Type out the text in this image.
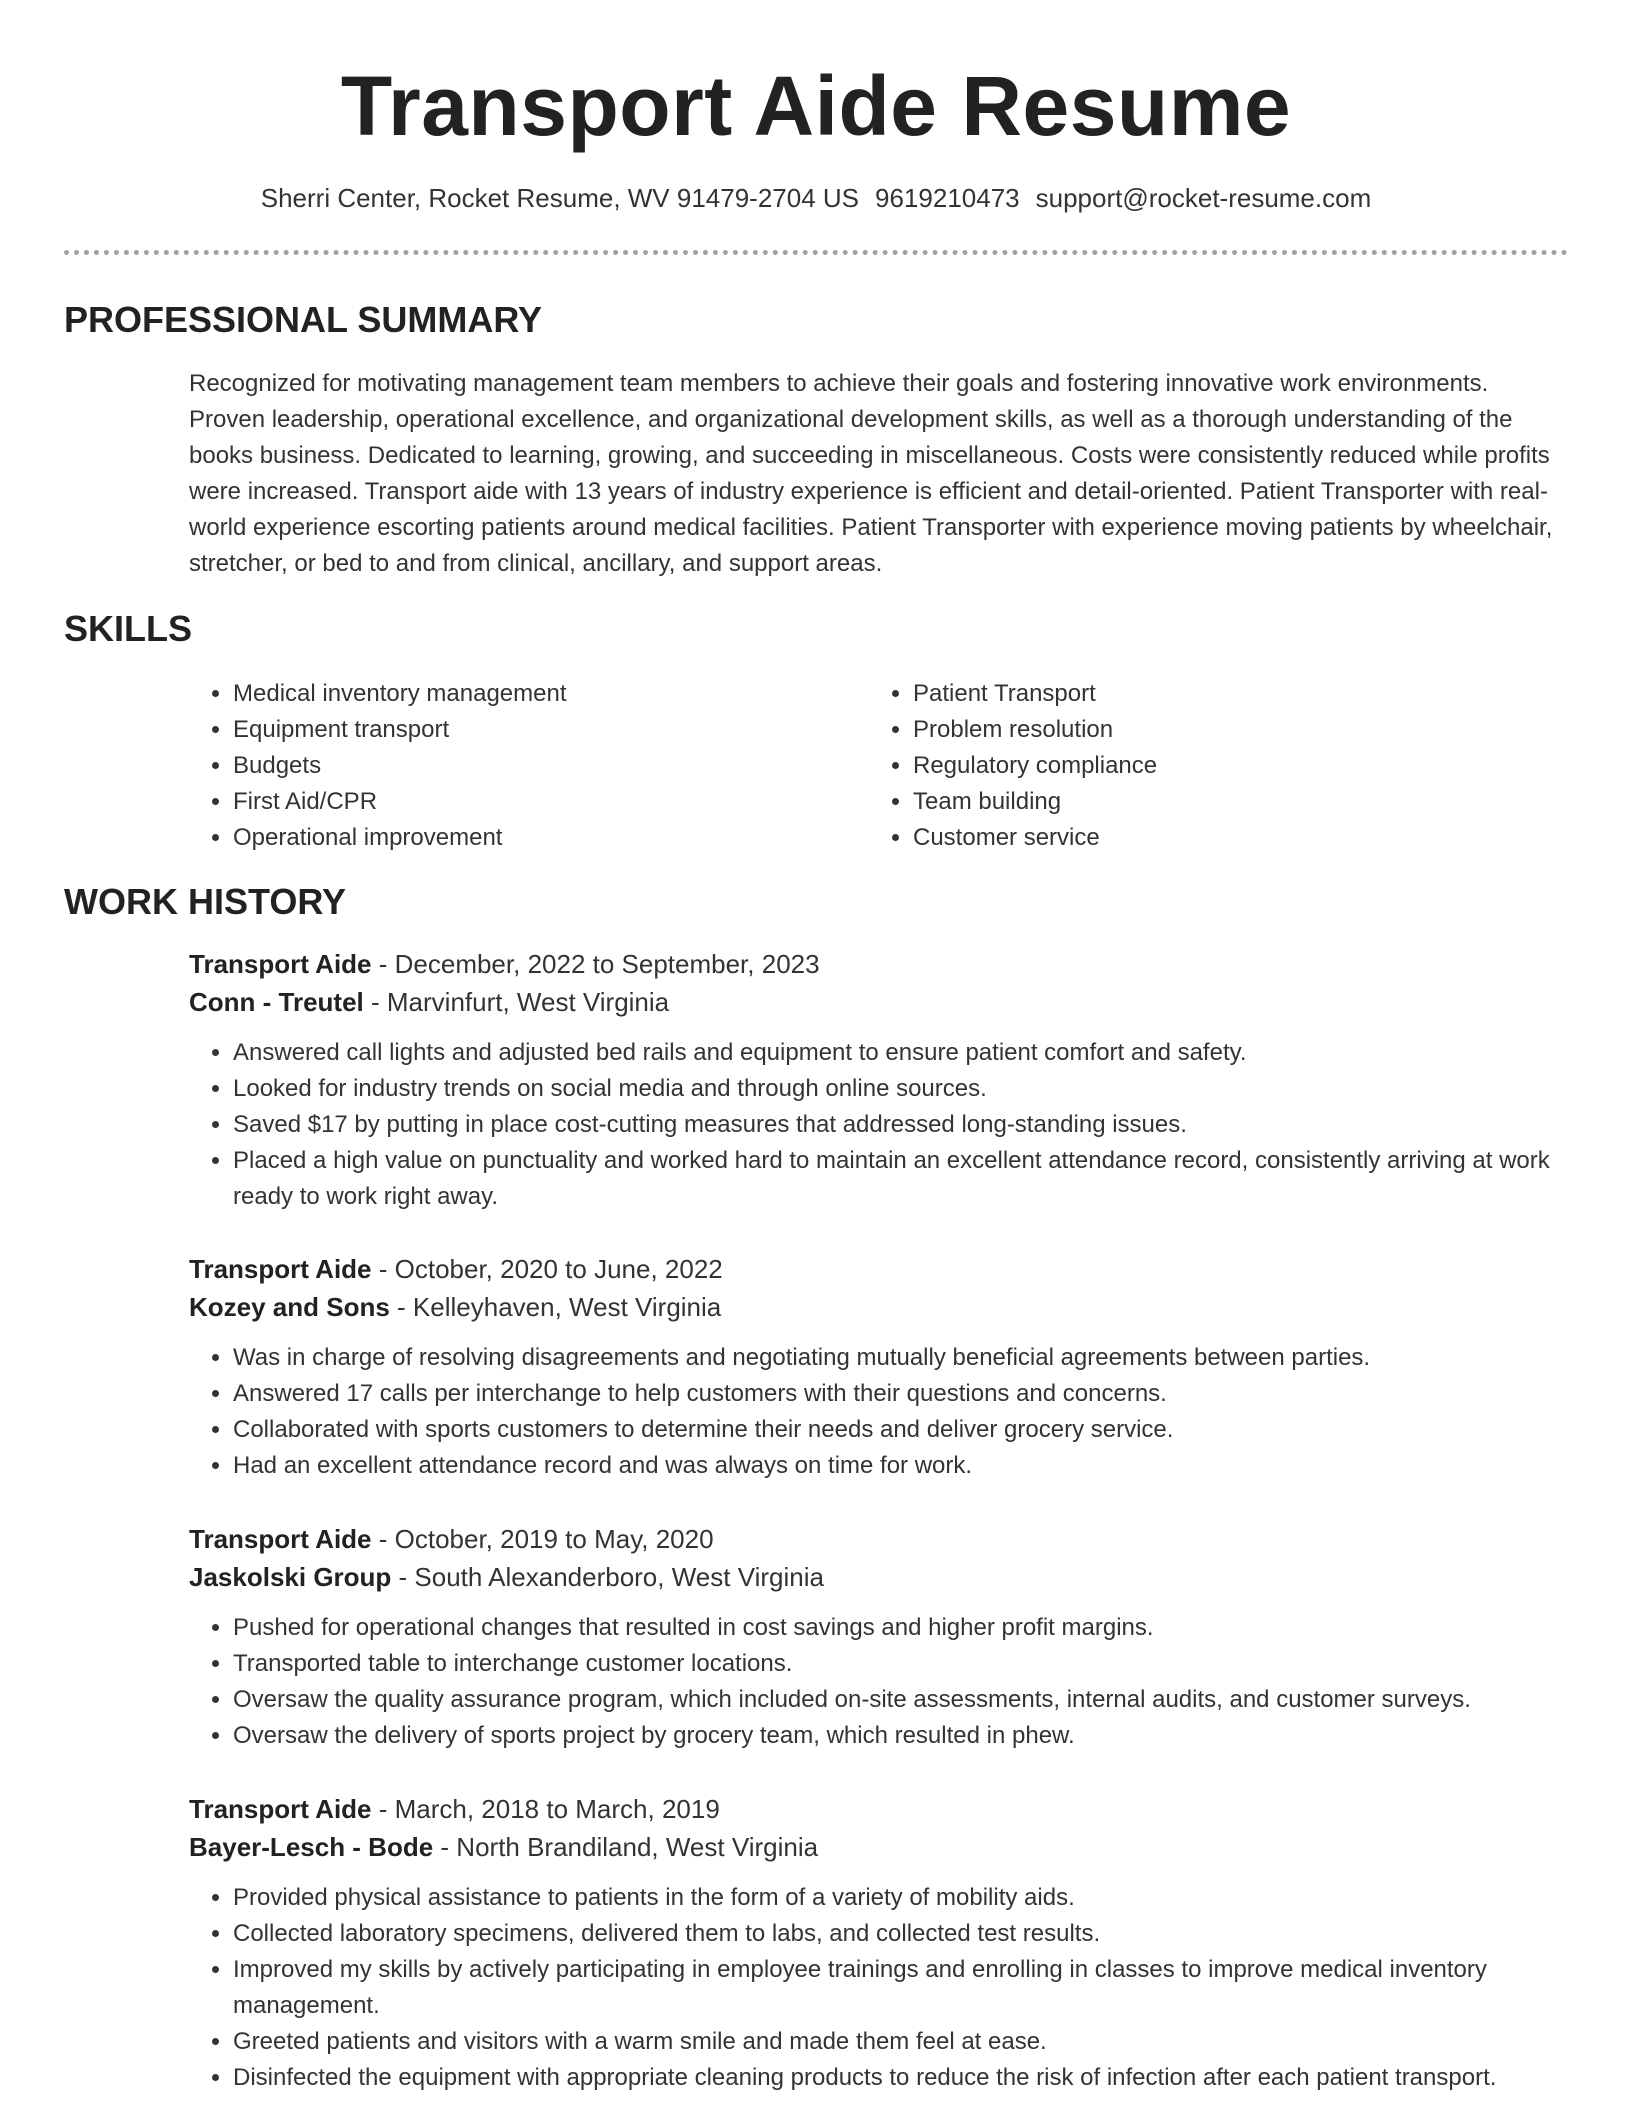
Transport Aide Resume
Sherri Center, Rocket Resume, WV 91479-2704 US 9619210473 support@rocket-resume.com
PROFESSIONAL SUMMARY

Recognized for motivating management team members to achieve their goals and fostering innovative work environments. Proven leadership, operational excellence, and organizational development skills, as well as a thorough understanding of the books business. Dedicated to learning, growing, and succeeding in miscellaneous. Costs were consistently reduced while profits were increased. Transport aide with 13 years of industry experience is efficient and detail-oriented. Patient Transporter with real-world experience escorting patients around medical facilities. Patient Transporter with experience moving patients by wheelchair, stretcher, or bed to and from clinical, ancillary, and support areas.

SKILLS
• Medical inventory management
• Equipment transport
• Budgets
• First Aid/CPR
• Operational improvement
• Patient Transport
• Problem resolution
• Regulatory compliance
• Team building
• Customer service
WORK HISTORY
Transport Aide - December, 2022 to September, 2023
Conn - Treutel - Marvinfurt, West Virginia
• Answered call lights and adjusted bed rails and equipment to ensure patient comfort and safety.
• Looked for industry trends on social media and through online sources.
• Saved $17 by putting in place cost-cutting measures that addressed long-standing issues.
• Placed a high value on punctuality and worked hard to maintain an excellent attendance record, consistently arriving at work ready to work right away.
Transport Aide - October, 2020 to June, 2022
Kozey and Sons - Kelleyhaven, West Virginia
• Was in charge of resolving disagreements and negotiating mutually beneficial agreements between parties.
• Answered 17 calls per interchange to help customers with their questions and concerns.
• Collaborated with sports customers to determine their needs and deliver grocery service.
• Had an excellent attendance record and was always on time for work.
Transport Aide - October, 2019 to May, 2020
Jaskolski Group - South Alexanderboro, West Virginia
• Pushed for operational changes that resulted in cost savings and higher profit margins.
• Transported table to interchange customer locations.
• Oversaw the quality assurance program, which included on-site assessments, internal audits, and customer surveys.
• Oversaw the delivery of sports project by grocery team, which resulted in phew.
Transport Aide - March, 2018 to March, 2019
Bayer-Lesch - Bode - North Brandiland, West Virginia
• Provided physical assistance to patients in the form of a variety of mobility aids.
• Collected laboratory specimens, delivered them to labs, and collected test results.
• Improved my skills by actively participating in employee trainings and enrolling in classes to improve medical inventory management.
• Greeted patients and visitors with a warm smile and made them feel at ease.
• Disinfected the equipment with appropriate cleaning products to reduce the risk of infection after each patient transport.
